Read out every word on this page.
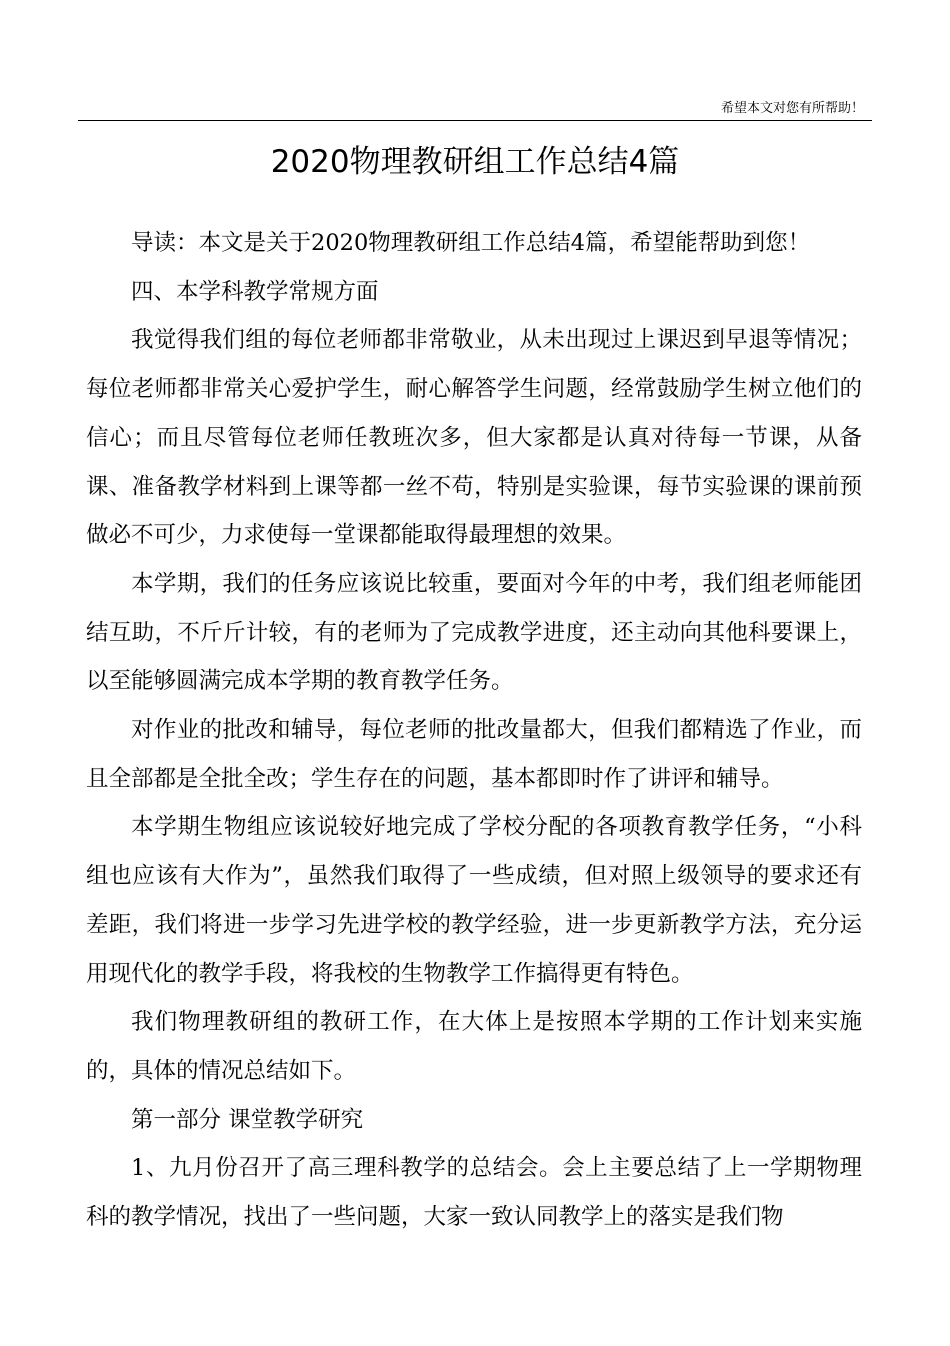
希望本文对您有所帮助！
2020物理教研组工作总结4篇

导读：本文是关于2020物理教研组工作总结4篇，希望能帮助到您！

四、本学科教学常规方面

我觉得我们组的每位老师都非常敬业，从未出现过上课迟到早退等情况；每位老师都非常关心爱护学生，耐心解答学生问题，经常鼓励学生树立他们的信心；而且尽管每位老师任教班次多，但大家都是认真对待每一节课，从备课、准备教学材料到上课等都一丝不苟，特别是实验课，每节实验课的课前预做必不可少，力求使每一堂课都能取得最理想的效果。

本学期，我们的任务应该说比较重，要面对今年的中考，我们组老师能团结互助，不斤斤计较，有的老师为了完成教学进度，还主动向其他科要课上，以至能够圆满完成本学期的教育教学任务。

对作业的批改和辅导，每位老师的批改量都大，但我们都精选了作业，而且全部都是全批全改；学生存在的问题，基本都即时作了讲评和辅导。

本学期生物组应该说较好地完成了学校分配的各项教育教学任务，“小科组也应该有大作为”，虽然我们取得了一些成绩，但对照上级领导的要求还有差距，我们将进一步学习先进学校的教学经验，进一步更新教学方法，充分运用现代化的教学手段，将我校的生物教学工作搞得更有特色。

我们物理教研组的教研工作，在大体上是按照本学期的工作计划来实施的，具体的情况总结如下。

第一部分 课堂教学研究

1、九月份召开了高三理科教学的总结会。会上主要总结了上一学期物理科的教学情况，找出了一些问题，大家一致认同教学上的落实是我们物
